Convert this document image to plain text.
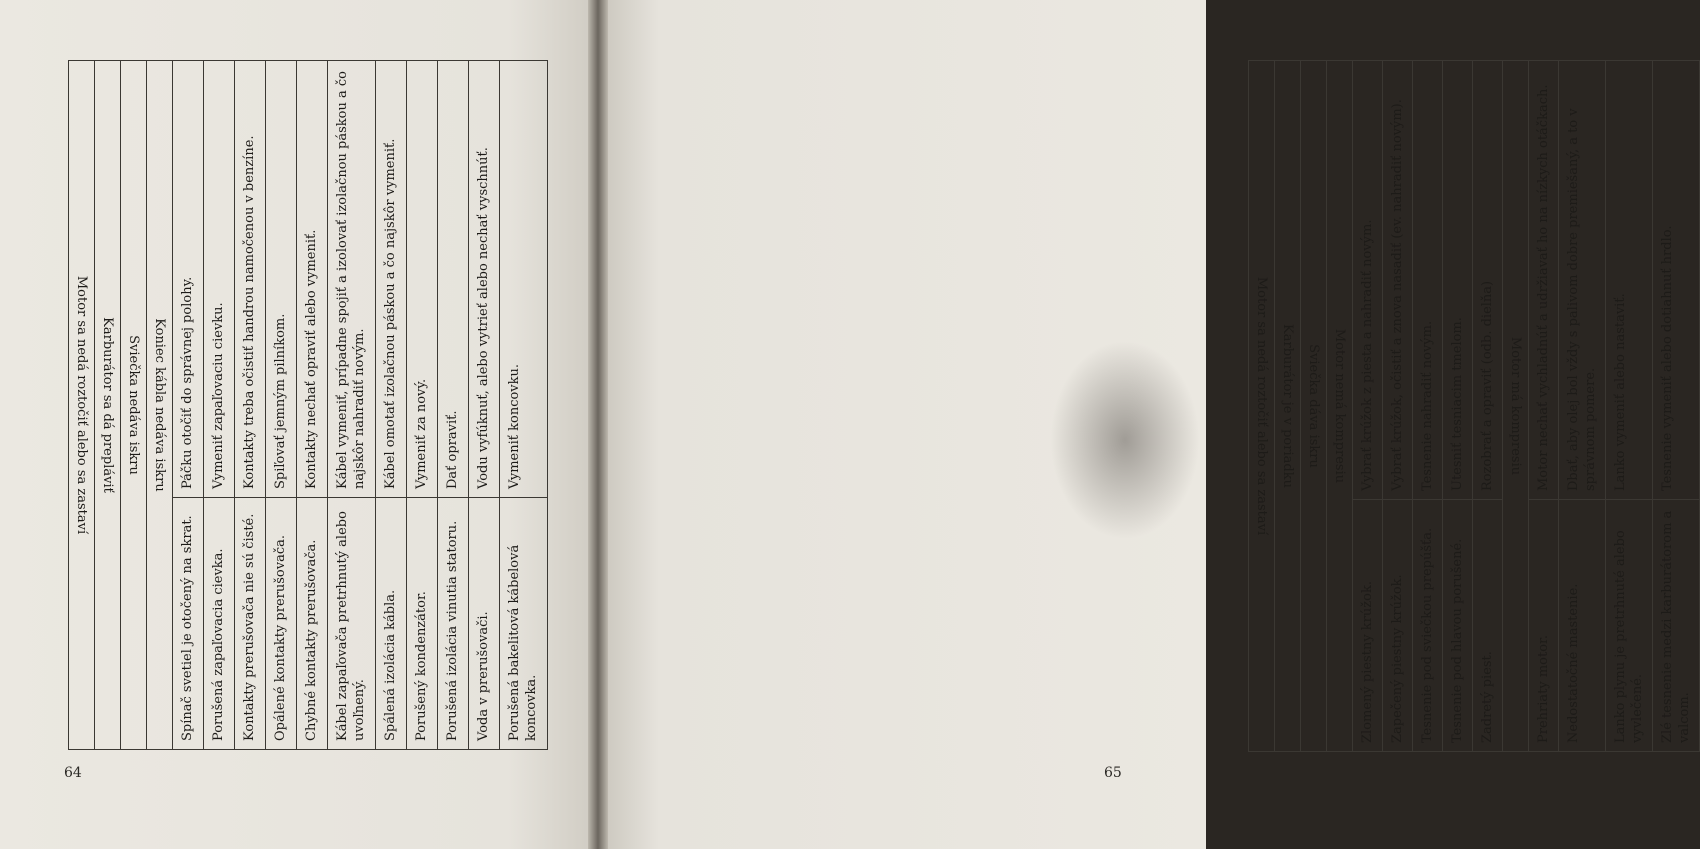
Motor sa nedá roztočiť alebo sa zastaví	

Karburátor sa dá prepláviť	

Sviečka nedáva iskru	

Koniec kábla nedáva iskru	

Spínač svetiel je otočený na skrat.	Páčku otočiť do správnej polohy.
Porušená zapaľovacia cievka.	Vymeniť zapaľovaciu cievku.
Kontakty prerušovača nie sú čisté.	Kontakty treba očistiť handrou namočenou v benzíne.
Opálené kontakty prerušovača.	Spiľovať jemným pilníkom.
Chybné kontakty prerušovača.	Kontakty nechať opraviť alebo vymeniť.
Kábel zapaľovača pretrhnutý alebo uvoľnený.	Kábel vymeniť, prípadne spojiť a izolovať izolačnou páskou a čo najskôr nahradiť novým.
Spálená izolácia kábla.	Kábel omotať izolačnou páskou a čo najskôr vymeniť.
Porušený kondenzátor.	Vymeniť za nový.
Porušená izolácia vinutia statoru.	Dať opraviť.
Voda v prerušovači.	Vodu vyfúknuť, alebo vytrieť alebo nechať vyschnúť.
Porušená bakelitová kábelová koncovka.	Vymeniť koncovku.
64
Motor sa nedá roztočiť alebo sa zastaví	

Karburátor je v poriadku	

Sviečka dáva iskru	

Motor nemá kompresiu	

Zlomený piestny krúžok.	Vybrať krúžok z piesta a nahradiť novým.
Zapečený piestny krúžok.	Vybrať krúžok, očistiť a znova nasadiť (ev. nahradiť novým).
Tesnenie pod sviečkou prepúšťa.	Tesnenie nahradiť novým.
Tesnenie pod hlavou porušené.	Utesniť tesniacim tmelom.
Zadretý piest.	Rozobrať a opraviť (odb. dielňa)

Motor má kompresiu	

Prehriaty motor.	Motor nechať vychladnúť a udržiavať ho na nízkych otáčkach.
Nedostatočné mastenie.	Dbať, aby olej bol vždy s palivom dobre premiešaný, a to v správnom pomere.
Lanko plynu je pretrhnuté alebo vyvlečené.	Lanko vymeniť alebo nastaviť.
Zlé tesnenie medzi karburátorom a valcom.	Tesnenie vymeniť alebo dotiahnuť hrdlo.
65
